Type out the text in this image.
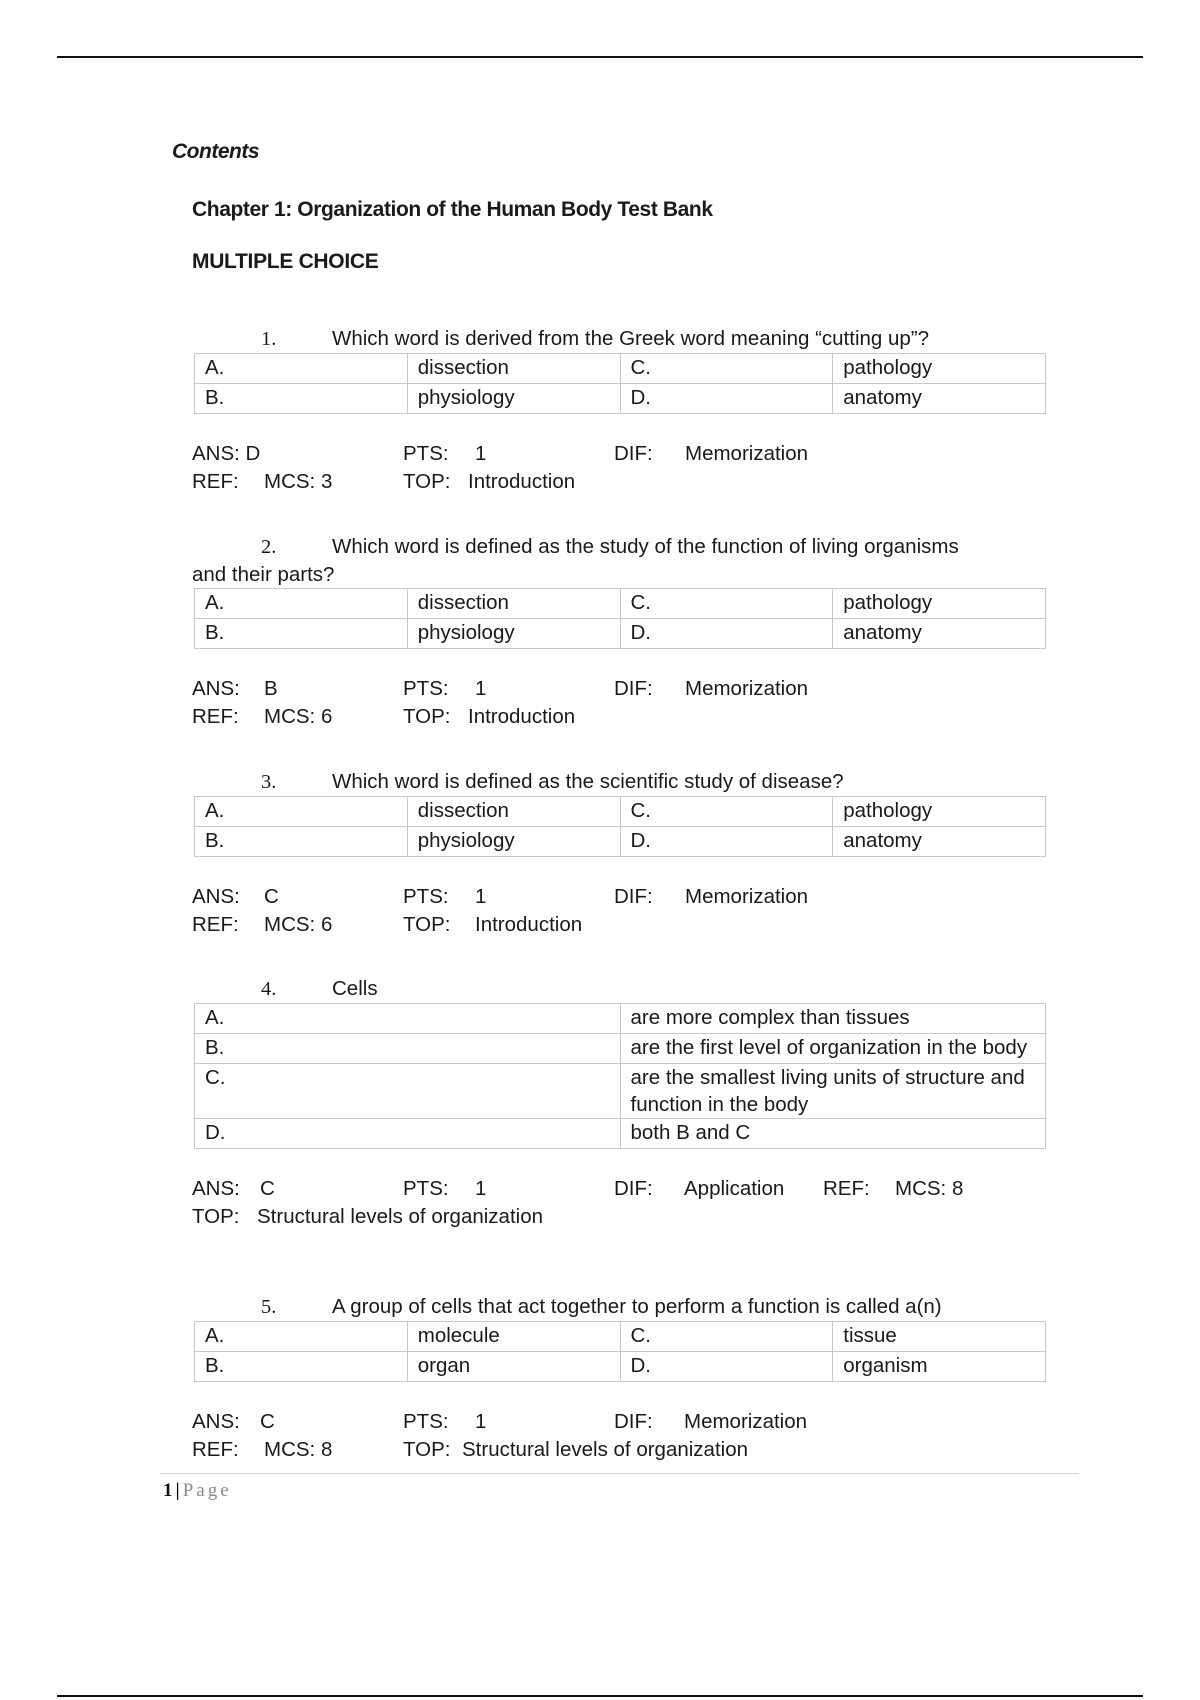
Contents
Chapter 1: Organization of the Human Body Test Bank
MULTIPLE CHOICE

1.	Which word is derived from the Greek word meaning “cutting up”?

A.	dissection	C.	pathology
B.	physiology	D.	anatomy
ANS: D	PTS: 1	DIF: Memorization
REF: MCS: 3	TOP: Introduction

2.	Which word is defined as the study of the function of living organisms
and their parts?

A.	dissection	C.	pathology
B.	physiology	D.	anatomy
ANS: B	PTS: 1	DIF: Memorization
REF: MCS: 6	TOP: Introduction

3.	Which word is defined as the scientific study of disease?

A.	dissection	C.	pathology
B.	physiology	D.	anatomy
ANS: C	PTS: 1	DIF: Memorization
REF: MCS: 6	TOP: Introduction

4.	Cells

A.	are more complex than tissues
B.	are the first level of organization in the body
C.	are the smallest living units of structure and function in the body
D.	both B and C
ANS: C	PTS: 1	DIF: Application REF: MCS: 8
TOP: Structural levels of organization

5.	A group of cells that act together to perform a function is called a(n)

A.	molecule	C.	tissue
B.	organ	D.	organism
ANS: C	PTS: 1	DIF: Memorization
REF: MCS: 8	TOP: Structural levels of organization
1 | Page
